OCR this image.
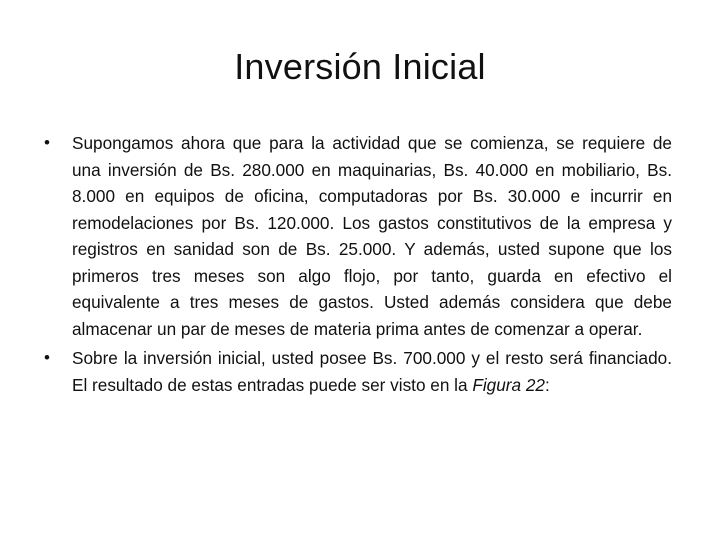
Inversión Inicial
• Supongamos ahora que para la actividad que se comienza, se requiere de una inversión de Bs. 280.000 en maquinarias, Bs. 40.000 en mobiliario, Bs. 8.000 en equipos de oficina, computadoras por Bs. 30.000 e incurrir en remodelaciones por Bs. 120.000. Los gastos constitutivos de la empresa y registros en sanidad son de Bs. 25.000. Y además, usted supone que los primeros tres meses son algo flojo, por tanto, guarda en efectivo el equivalente a tres meses de gastos. Usted además considera que debe almacenar un par de meses de materia prima antes de comenzar a operar.
• Sobre la inversión inicial, usted posee Bs. 700.000 y el resto será financiado. El resultado de estas entradas puede ser visto en la Figura 22:
